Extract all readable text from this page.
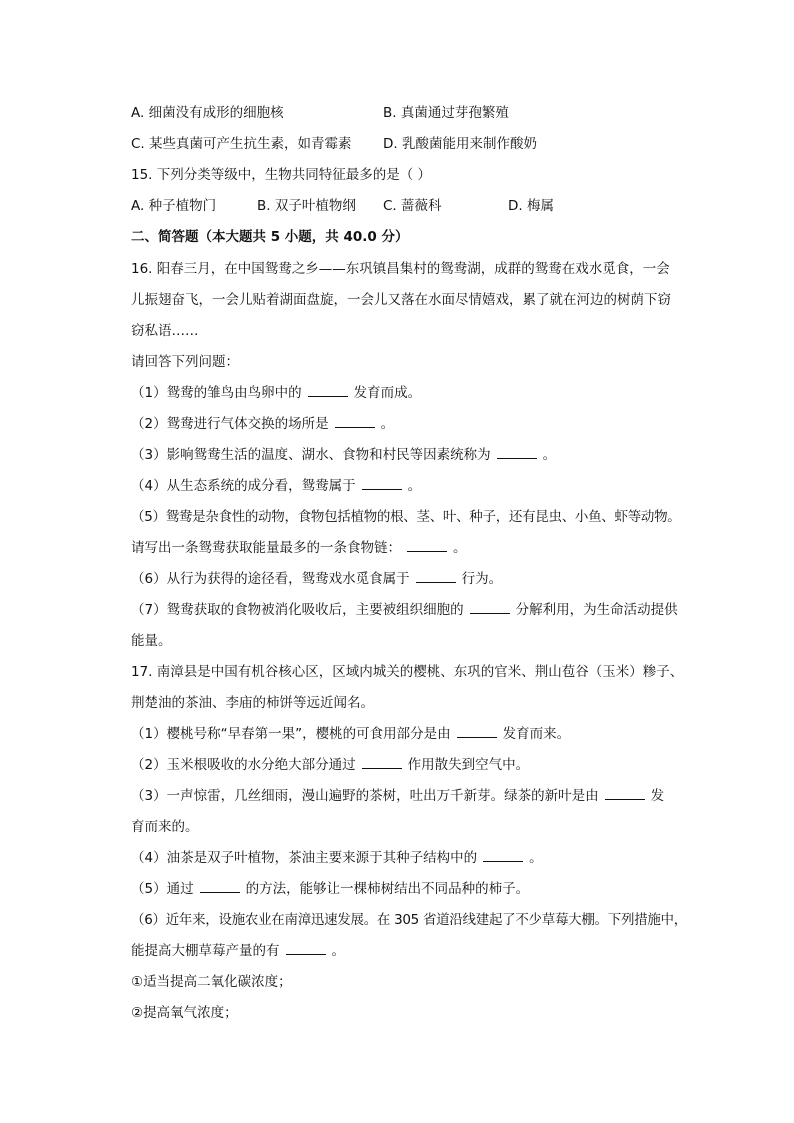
A. 细菌没有成形的细胞核	B. 真菌通过芽孢繁殖
C. 某些真菌可产生抗生素，如青霉素 D. 乳酸菌能用来制作酸奶
15. 下列分类等级中，生物共同特征最多的是（ ）
A. 种子植物门	B. 双子叶植物纲 C. 蔷薇科	D. 梅属
二、简答题（本大题共 5 小题，共 40.0 分）
16. 阳春三月，在中国鸳鸯之乡——东巩镇昌集村的鸳鸯湖，成群的鸳鸯在戏水觅食，一会
儿振翅奋飞，一会儿贴着湖面盘旋，一会儿又落在水面尽情嬉戏，累了就在河边的树荫下窃
窃私语……
请回答下列问题：
（1）鸳鸯的雏鸟由鸟卵中的	发育而成。
（2）鸳鸯进行气体交换的场所是	。
（3）影响鸳鸯生活的温度、湖水、食物和村民等因素统称为	。
（4）从生态系统的成分看，鸳鸯属于	。
（5）鸳鸯是杂食性的动物，食物包括植物的根、茎、叶、种子，还有昆虫、小鱼、虾等动物。
请写出一条鸳鸯获取能量最多的一条食物链：	。
（6）从行为获得的途径看，鸳鸯戏水觅食属于	行为。
（7）鸳鸯获取的食物被消化吸收后，主要被组织细胞的	分解利用，为生命活动提供
能量。
17. 南漳县是中国有机谷核心区，区域内城关的樱桃、东巩的官米、荆山苞谷（玉米）糁子、
荆楚油的茶油、李庙的柿饼等远近闻名。
（1）樱桃号称“早春第一果”，樱桃的可食用部分是由	发育而来。
（2）玉米根吸收的水分绝大部分通过	作用散失到空气中。
（3）一声惊雷，几丝细雨，漫山遍野的茶树，吐出万千新芽。绿茶的新叶是由	发
育而来的。
（4）油茶是双子叶植物，茶油主要来源于其种子结构中的	。
（5）通过	的方法，能够让一棵柿树结出不同品种的柿子。
（6）近年来，设施农业在南漳迅速发展。在 305 省道沿线建起了不少草莓大棚。下列措施中，
能提高大棚草莓产量的有	。
①适当提高二氧化碳浓度；
②提高氧气浓度；
